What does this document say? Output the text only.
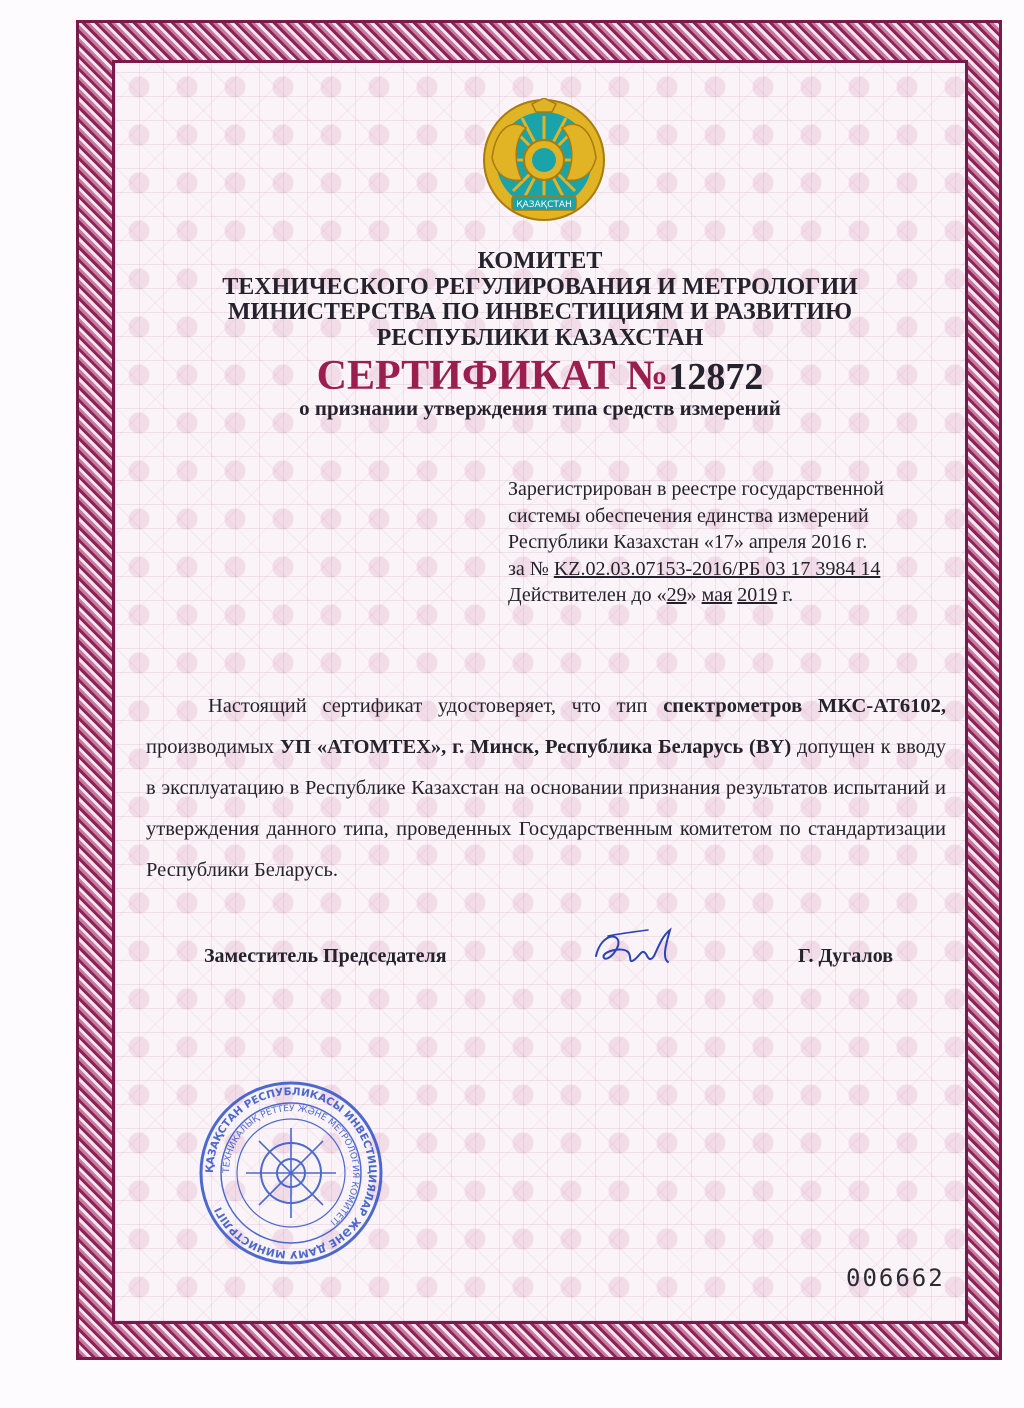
ҚАЗАҚСТАН

КОМИТЕТ

ТЕХНИЧЕСКОГО РЕГУЛИРОВАНИЯ И МЕТРОЛОГИИ

МИНИСТЕРСТВА ПО ИНВЕСТИЦИЯМ И РАЗВИТИЮ

РЕСПУБЛИКИ КАЗАХСТАН

СЕРТИФИКАТ №12872

о признании утверждения типа средств измерений

Зарегистрирован в реестре государственной
системы обеспечения единства измерений
Республики Казахстан «17» апреля 2016 г.
за № KZ.02.03.07153-2016/РБ 03 17 3984 14
Действителен до «29» мая 2019 г.

Настоящий сертификат удостоверяет, что тип спектрометров МКС-АТ6102, производимых УП «АТОМТЕХ», г. Минск, Республика Беларусь (BY) допущен к вводу в эксплуатацию в Республике Казахстан на основании признания результатов испытаний и утверждения данного типа, проведенных Государственным комитетом по стандартизации Республики Беларусь.

Заместитель Председателя	Г. Дугалов
ҚАЗАҚСТАН РЕСПУБЛИКАСЫ ИНВЕСТИЦИЯЛАР ЖӘНЕ ДАМУ МИНИСТРЛІГІ
ТЕХНИКАЛЫҚ РЕТТЕУ ЖӘНЕ МЕТРОЛОГИЯ КОМИТЕТІ
006662
